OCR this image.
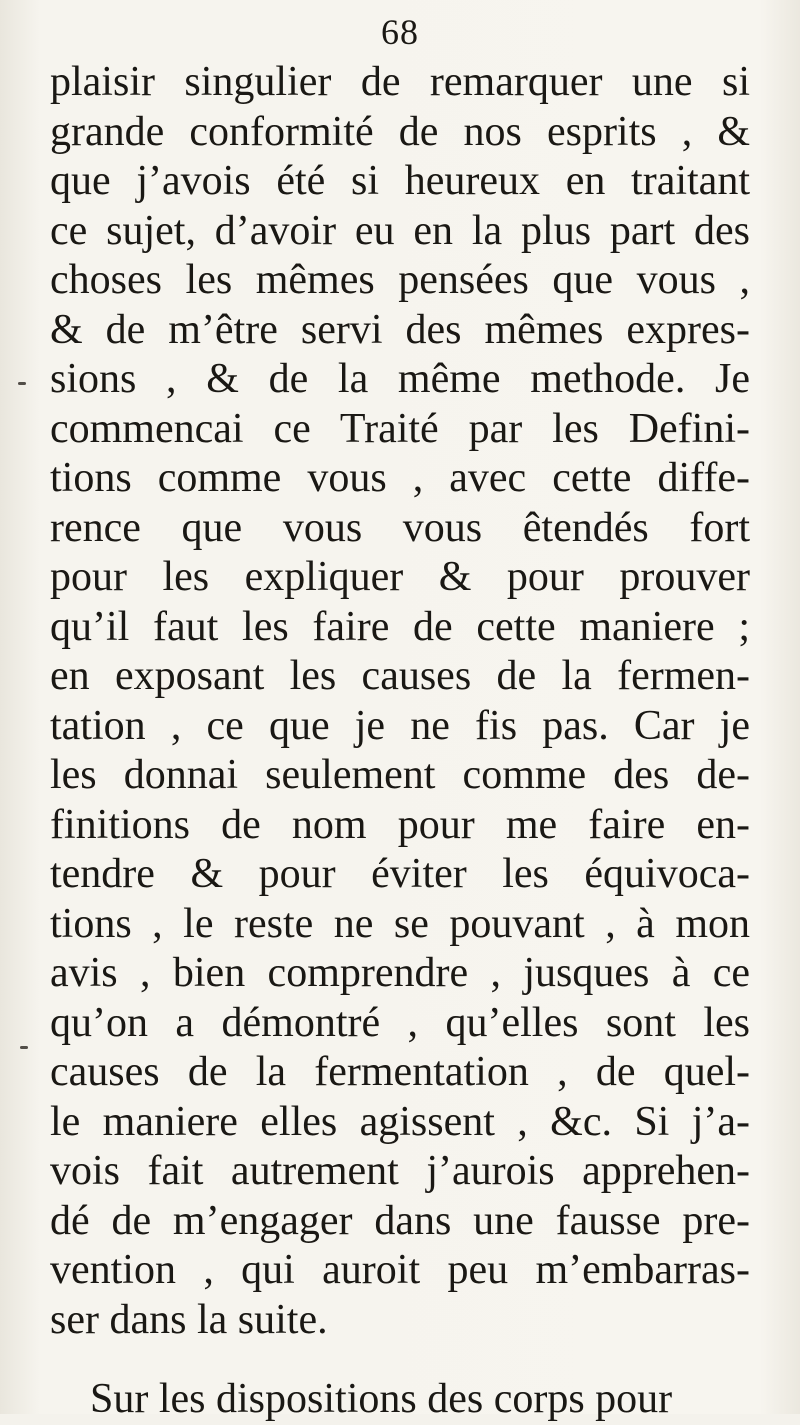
68
plaisir singulier de remarquer une si
grande conformité de nos esprits , &
que j’avois été si heureux en traitant
ce sujet, d’avoir eu en la plus part des
choses les mêmes pensées que vous ,
& de m’être servi des mêmes expres-
sions , & de la même methode. Je
commencai ce Traité par les Defini-
tions comme vous , avec cette diffe-
rence que vous vous êtendés fort
pour les expliquer & pour prouver
qu’il faut les faire de cette maniere ;
en exposant les causes de la fermen-
tation , ce que je ne fis pas. Car je
les donnai seulement comme des de-
finitions de nom pour me faire en-
tendre & pour éviter les équivoca-
tions , le reste ne se pouvant , à mon
avis , bien comprendre , jusques à ce
qu’on a démontré , qu’elles sont les
causes de la fermentation , de quel-
le maniere elles agissent , &c. Si j’a-
vois fait autrement j’aurois apprehen-
dé de m’engager dans une fausse pre-
vention , qui auroit peu m’embarras-
ser dans la suite.
Sur les dispositions des corps pour
